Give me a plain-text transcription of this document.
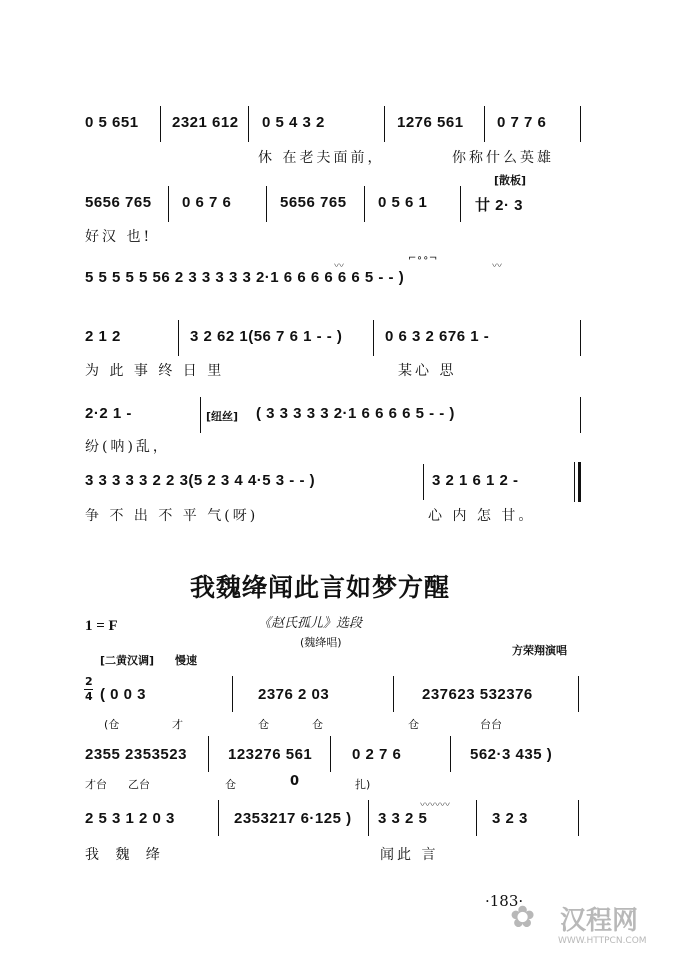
0 5 651 2321 612 0 5 4 3 2	1276 561 0 7 7 6
休 在老夫面前，	你称什么英雄
[散板]
5656 765 0 6 7 6	5656 765 0 5 6 1	廿 2· 3
好汉 也!
5 5 5 5 5 56 2 3 3 3 3 3 2·1 6 6 6 6 6 6 5 - - )
〰	〰
⌐∘∘¬
2 1 2	3 2 62 1(56 7 6 1 - - )	0 6 3 2 676 1 -
为 此 事 终 日 里	某心 思
2·2 1 -	[纽丝] ( 3 3 3 3 3 2·1 6 6 6 6 5 - - )
纷(呐)乱，
3 3 3 3 3 2 2 3(5 2 3 4 4·5 3 - - )	3 2 1 6 1 2 -
争 不 出 不 平 气(呀)	心 内 怎 甘。
我魏绛闻此言如梦方醒
1 = F	《赵氏孤儿》选段
(魏绛唱)
方荣翔演唱
[二黄汉调] 慢速
2
4 ( 0 0 3	2376 2 03	237623 532376
(仓	才	仓	仓	仓	台台
2355 2353523	123276 561	0 2 7 6	562·3 435 )
才台 乙台	仓	0	扎)
2 5 3 1 2 0 3	2353217 6·125 ) 3 3 2 5	3 2 3
〰〰〰
我 魏 绛	闻此 言
·183·
✿ 汉程网
WWW.HTTPCN.COM
